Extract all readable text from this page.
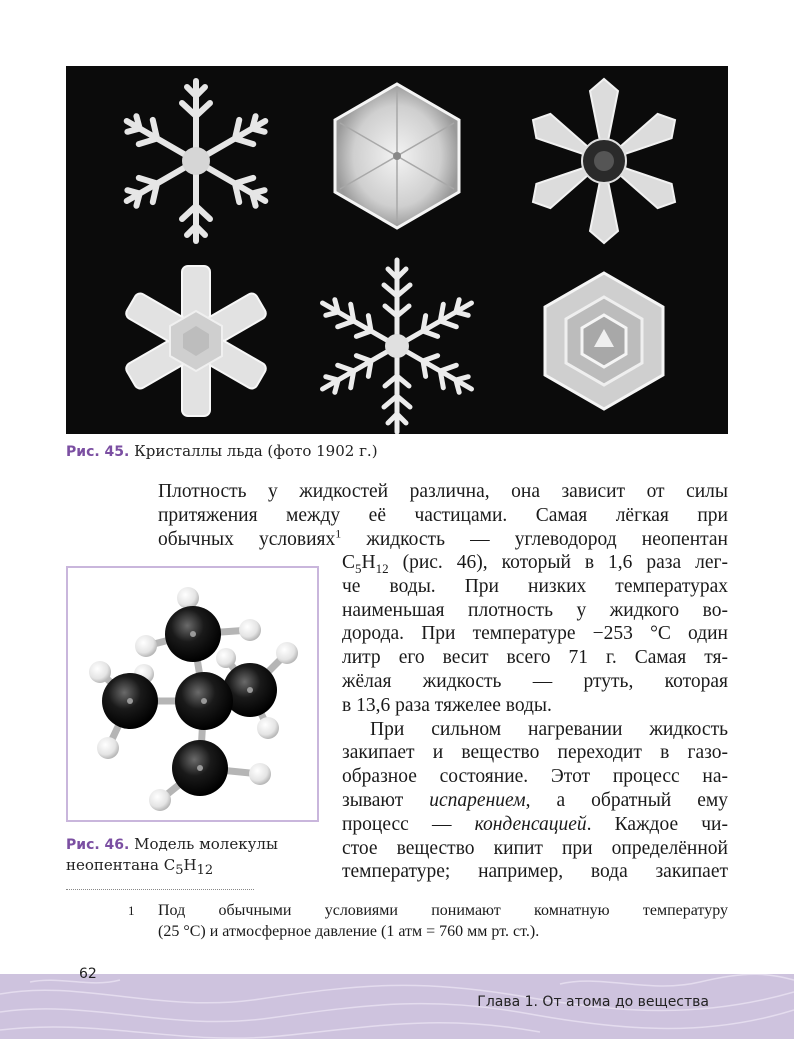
Рис. 45. Кристаллы льда (фото 1902 г.)
Плотность у жидкостей различна, она зависит от силы
притяжения между её частицами. Самая лёгкая при
обычных условиях$^1$ жидкость — углеводород неопентан
$C_5H_{12}$ (рис. 46), который в 1,6 раза лег-
че воды. При низких температурах
наименьшая плотность у жидкого во-
дорода. При температуре −253 °С один
литр его весит всего 71 г. Самая тя-
жёлая жидкость — ртуть, которая
в 13,6 раза тяжелее воды.
При сильном нагревании жидкость
закипает и вещество переходит в газо-
образное состояние. Этот процесс на-
зывают испарением, а обратный ему
процесс — конденсацией. Каждое чи-
стое вещество кипит при определённой
температуре; например, вода закипает
Рис. 46. Модель молекулы
неопентана $C_5H_{12}$
1 Под обычными условиями понимают комнатную температуру
(25 °С) и атмосферное давление (1 атм = 760 мм рт. ст.).
62
Глава 1. От атома до вещества
